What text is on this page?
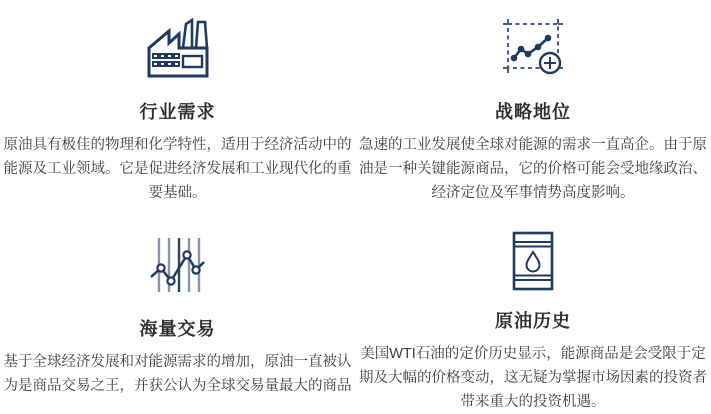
行业需求
原油具有极佳的物理和化学特性，适用于经济活动中的能源及工业领域。它是促进经济发展和工业现代化的重要基础。
战略地位
急速的工业发展使全球对能源的需求一直高企。由于原油是一种关键能源商品，它的价格可能会受地缘政治、经济定位及军事情势高度影响。
海量交易
基于全球经济发展和对能源需求的增加，原油一直被认为是商品交易之王，并获公认为全球交易量最大的商品
原油历史
美国WTI石油的定价历史显示，能源商品是会受限于定期及大幅的价格变动，这无疑为掌握市场因素的投资者带来重大的投资机遇。
